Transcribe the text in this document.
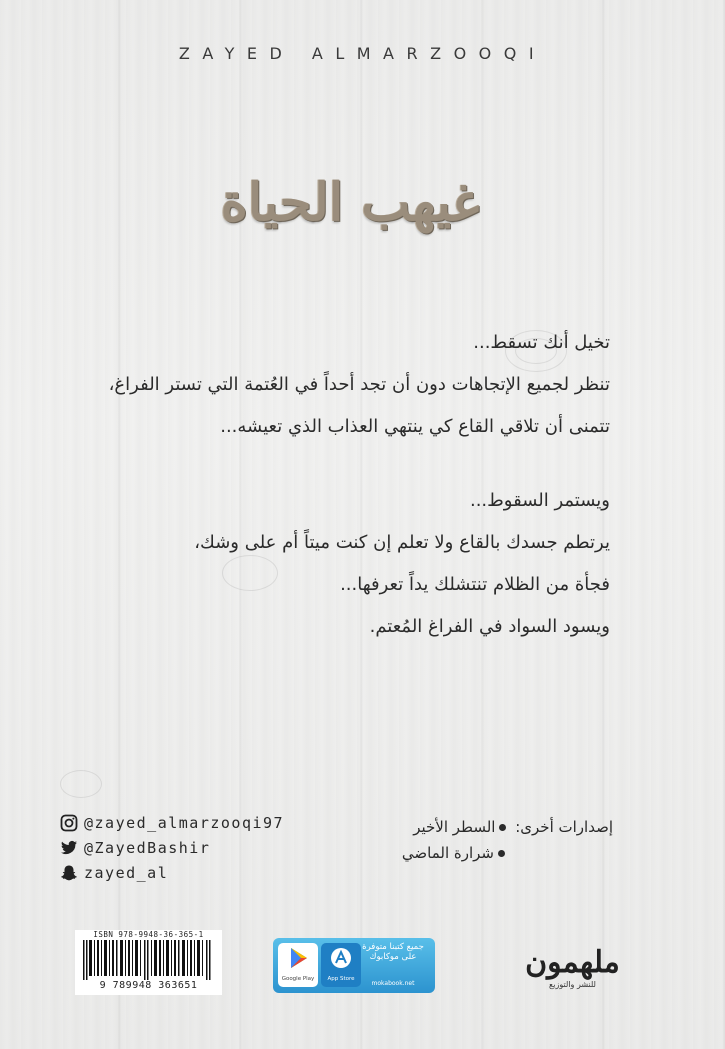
ZAYED ALMARZOOQI
غيهب الحياة
تخيل أنك تسقط...
تنظر لجميع الإتجاهات دون أن تجد أحداً في العُتمة التي تستر الفراغ،
تتمنى أن تلاقي القاع كي ينتهي العذاب الذي تعيشه...
ويستمر السقوط...
يرتطم جسدك بالقاع ولا تعلم إن كنت ميتاً أم على وشك،
فجأة من الظلام تنتشلك يداً تعرفها...
ويسود السواد في الفراغ المُعتم.
@zayed_almarzooqi97
@ZayedBashir
zayed_al
إصدارات أخرى: السطر الأخير
شرارة الماضي
ISBN 978-9948-36-365-1
9 789948 363651
Google Play	App Store
جميع كتبنا متوفرة على موكابوك
mokabook.net
ملهمون
للنشر والتوزيع
